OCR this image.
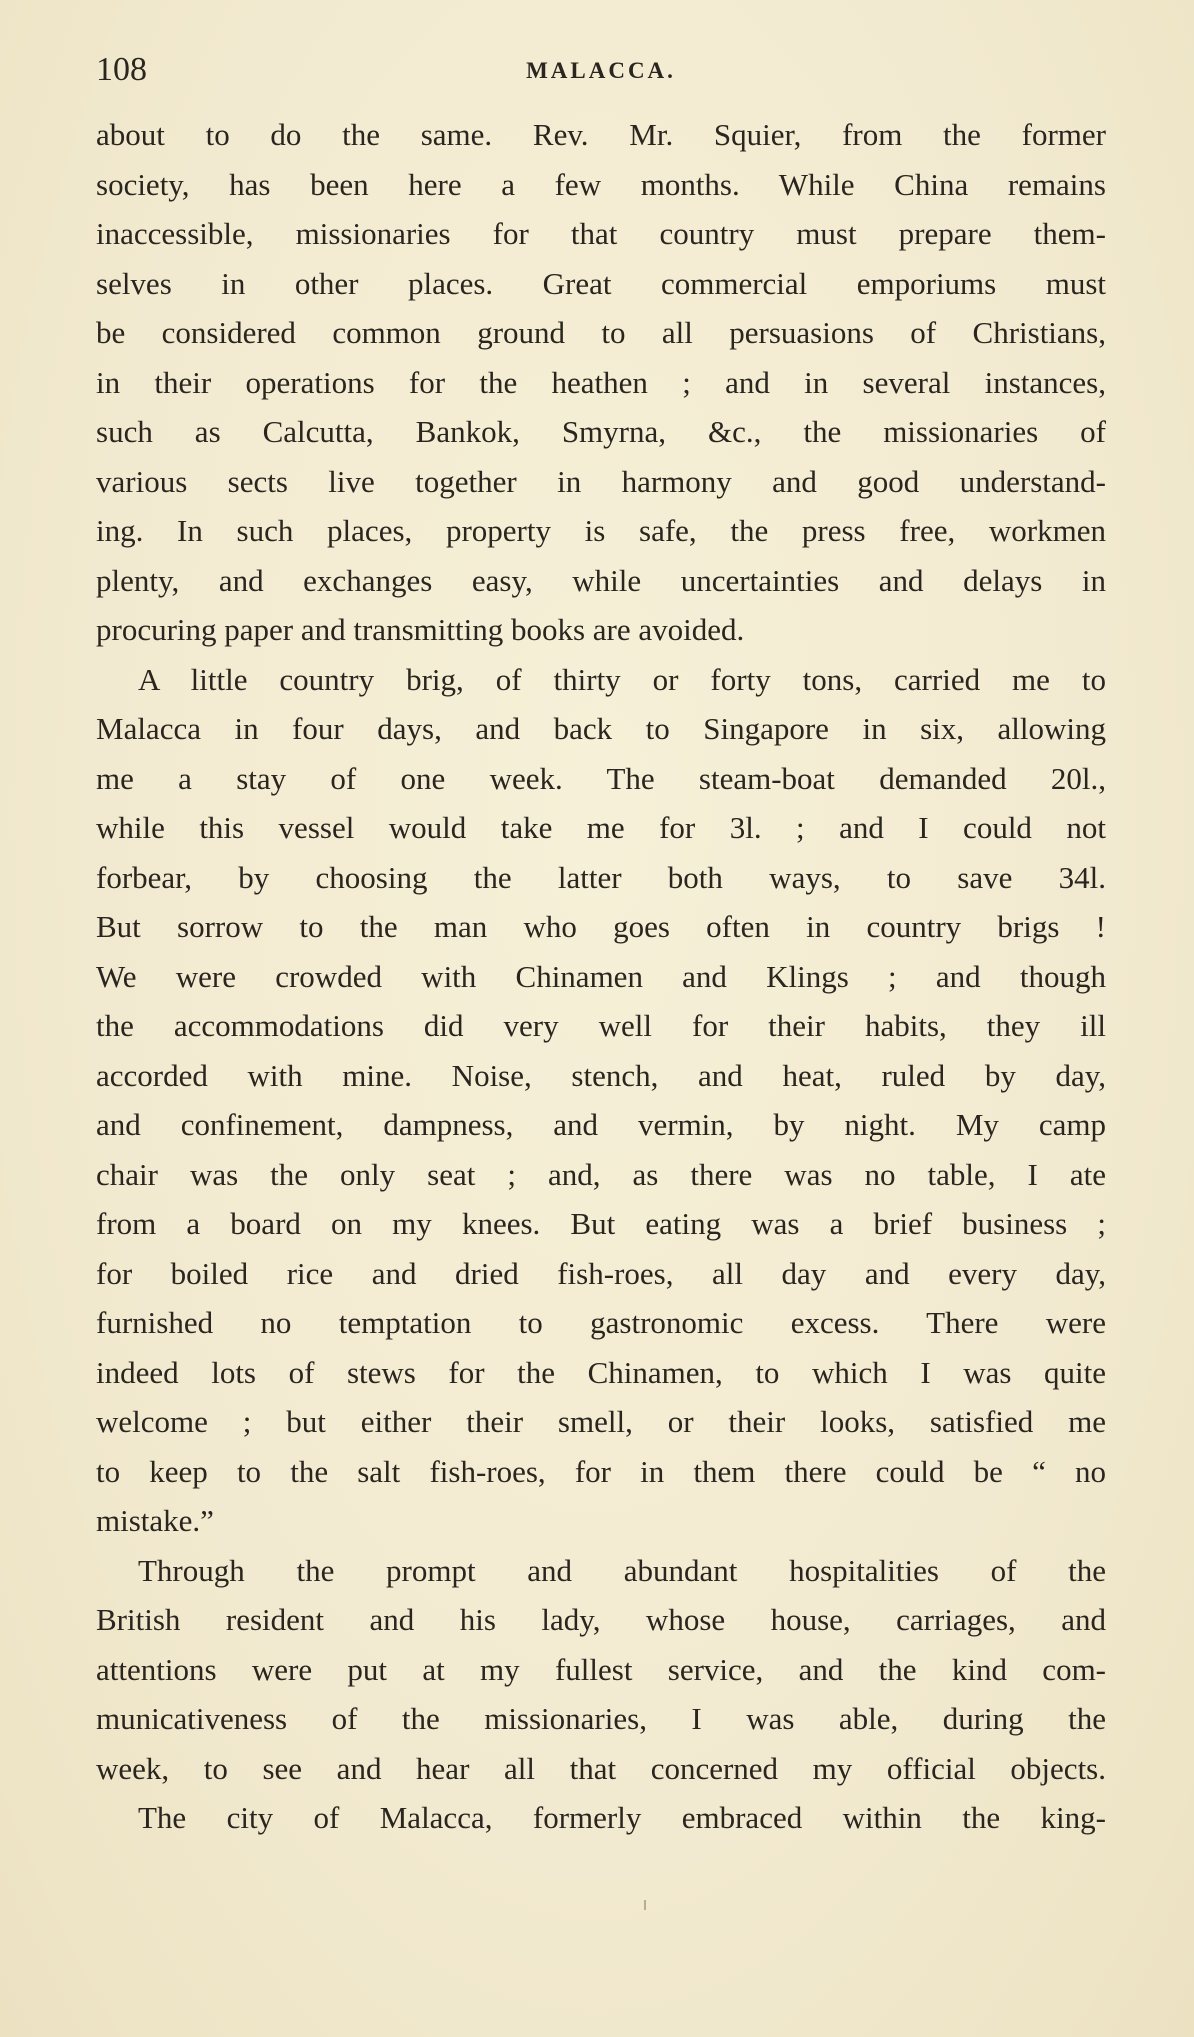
108	MALACCA.
about to do the same. Rev. Mr. Squier, from the former
society, has been here a few months. While China remains
inaccessible, missionaries for that country must prepare them-
selves in other places. Great commercial emporiums must
be considered common ground to all persuasions of Christians,
in their operations for the heathen ; and in several instances,
such as Calcutta, Bankok, Smyrna, &c., the missionaries of
various sects live together in harmony and good understand-
ing. In such places, property is safe, the press free, workmen
plenty, and exchanges easy, while uncertainties and delays in
procuring paper and transmitting books are avoided.
A little country brig, of thirty or forty tons, carried me to
Malacca in four days, and back to Singapore in six, allowing
me a stay of one week. The steam-boat demanded 20l.,
while this vessel would take me for 3l. ; and I could not
forbear, by choosing the latter both ways, to save 34l.
But sorrow to the man who goes often in country brigs !
We were crowded with Chinamen and Klings ; and though
the accommodations did very well for their habits, they ill
accorded with mine. Noise, stench, and heat, ruled by day,
and confinement, dampness, and vermin, by night. My camp
chair was the only seat ; and, as there was no table, I ate
from a board on my knees. But eating was a brief business ;
for boiled rice and dried fish-roes, all day and every day,
furnished no temptation to gastronomic excess. There were
indeed lots of stews for the Chinamen, to which I was quite
welcome ; but either their smell, or their looks, satisfied me
to keep to the salt fish-roes, for in them there could be “ no
mistake.”
Through the prompt and abundant hospitalities of the
British resident and his lady, whose house, carriages, and
attentions were put at my fullest service, and the kind com-
municativeness of the missionaries, I was able, during the
week, to see and hear all that concerned my official objects.
The city of Malacca, formerly embraced within the king-
